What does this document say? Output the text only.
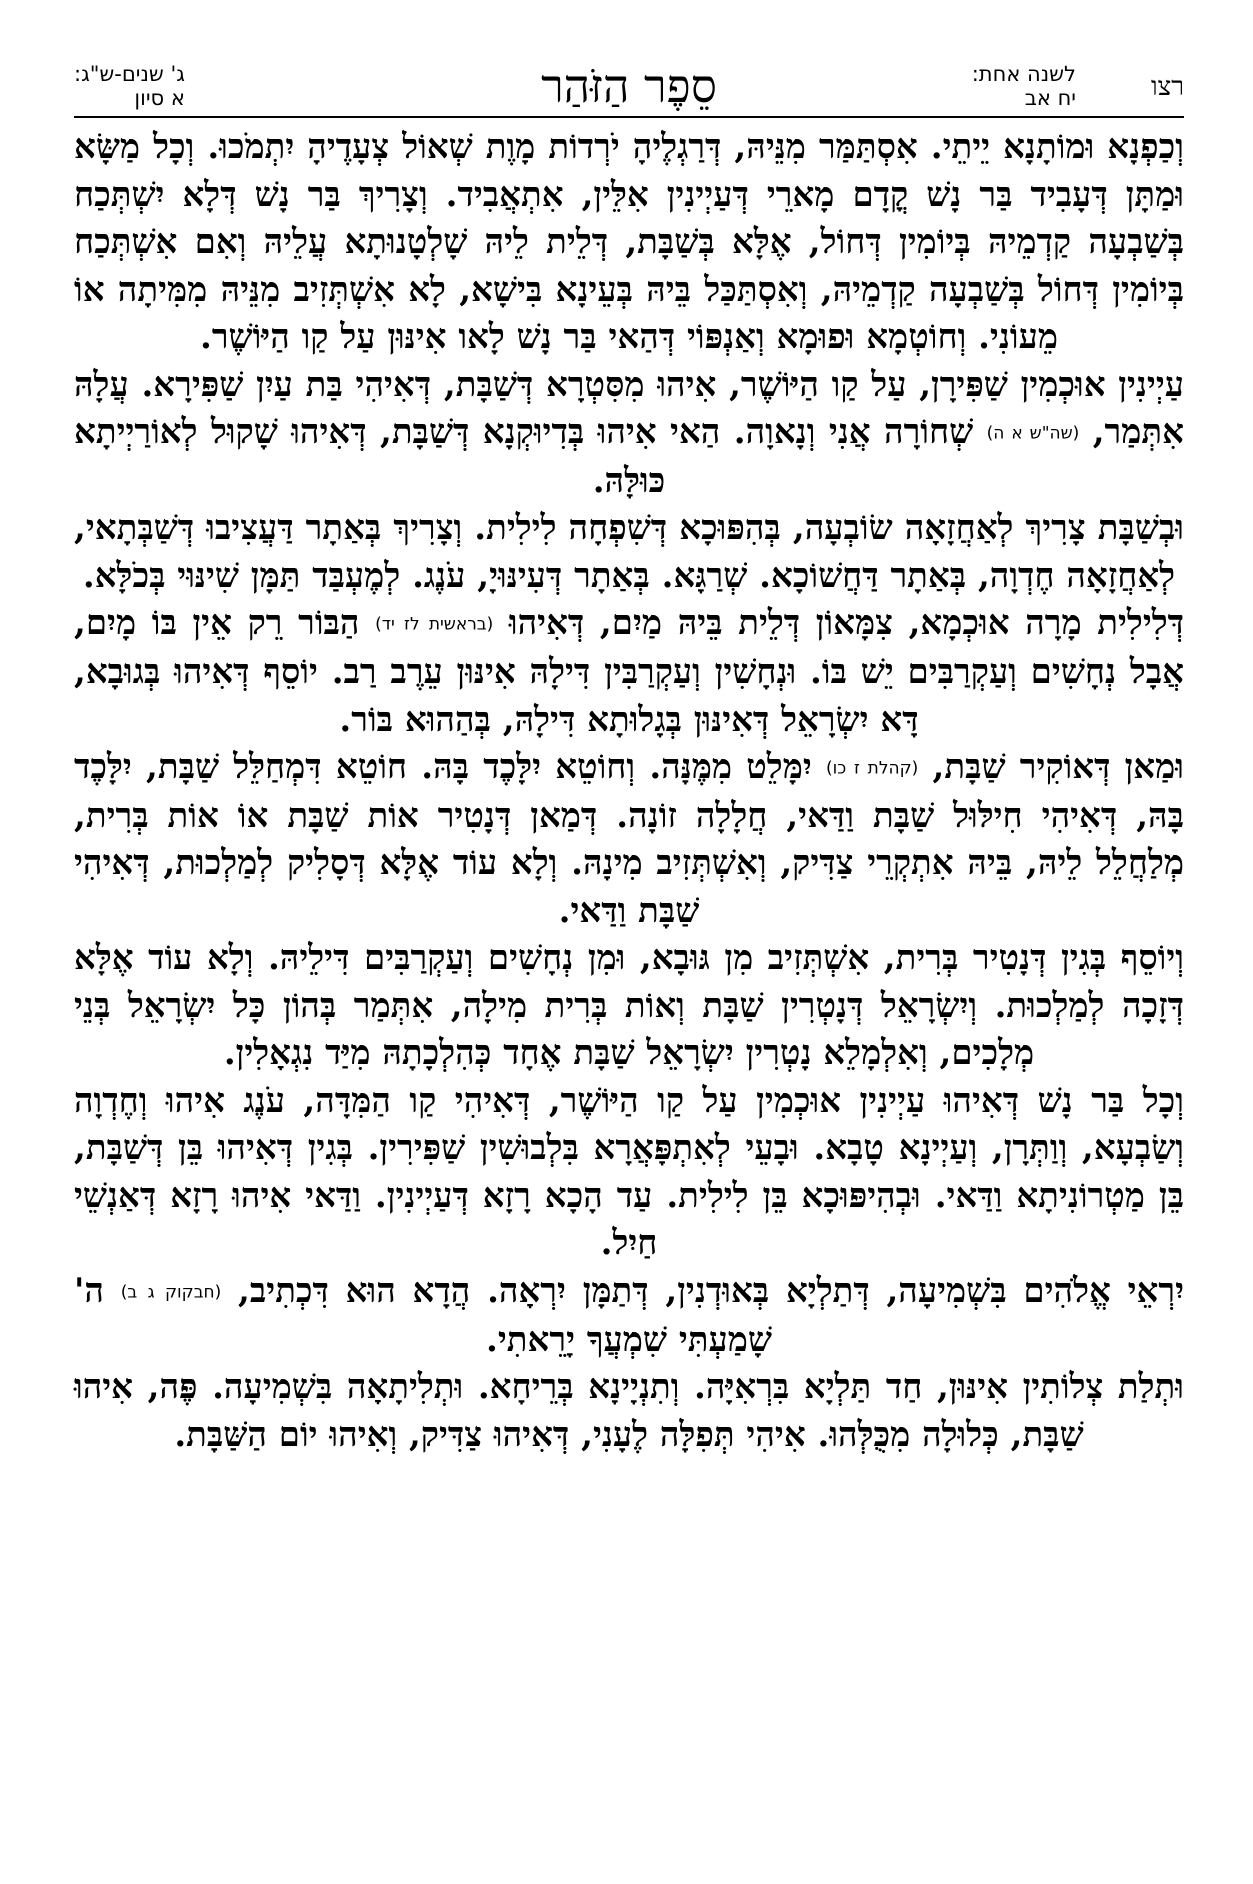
רצו
לשנה אחת:
יח אב
סֵפֶר הַזֹּהַר
ג' שנים-ש"ג:
א סיון

וְכַפְנָא וּמוֹתָנָא יֵיתֵי. אִסְתַּמַּר מִנֵּיהּ, דְּרַגְלֶיהָ יֹרְדוֹת מָוֶת שְׁאוֹל צְעָדֶיהָ יִתְמֹכוּ. וְכָל מַשָּׂא וּמַתָּן דְּעָבִיד בַּר נָשׁ קֳדָם מָארֵי דְּעַיְינִין אִלֵּין, אִתְאֲבִיד. וְצָרִיךְ בַּר נָשׁ דְּלָא יִשְׁתְּכַח בְּשַׁבְעָה קַדְמֵיהּ בְּיוֹמִין דְּחוֹל, אֶלָּא בְּשַׁבָּת, דְּלֵית לֵיהּ שָׁלְטָנוּתָא עֲלֵיהּ וְאִם אִשְׁתְּכַח בְּיוֹמִין דְּחוֹל בְּשַׁבְעָה קַדְמֵיהּ, וְאִסְתַּכַּל בֵּיהּ בְּעֵינָא בִּישָׁא, לָא אִשְׁתְּזִיב מִנֵּיהּ מִמִּיתָה אוֹ מֵעוֹנִי. וְחוֹטְמָא וּפוּמָא וְאַנְפּוֹי דְּהַאי בַּר נָשׁ לָאו אִינּוּן עַל קַו הַיּוֹשֶׁר.

עַיְינִין אוּכְמִין שַׁפִּירָן, עַל קַו הַיּוֹשֶׁר, אִיהוּ מִסִּטְרָא דְּשַׁבָּת, דְּאִיהִי בַּת עַיִן שַׁפִּירָא. עֲלָהּ אִתְּמַר, (שה"ש א ה) שְׁחוֹרָה אֲנִי וְנָאוָה. הַאי אִיהוּ בְּדִיוּקְנָא דְּשַׁבָּת, דְּאִיהוּ שָׁקוּל לְאוֹרַיְיתָא כּוּלָּהּ.

וּבְשַׁבָּת צָרִיךְ לְאַחֲזָאָה שׂוֹבְעָה, בְּהִפּוּכָא דְּשִׁפְחָה לִילִית. וְצָרִיךְ בְּאַתָר דַּעֲצִיבוּ דְּשַׁבְּתָאי, לְאַחֲזָאָה חֶדְוָה, בְּאַתָר דַּחֲשׁוֹכָא. שְׁרַגָּא. בְּאַתָר דְּעִינּוּיָ, עֹנֶג. לְמֶעְבַּד תַּמָּן שִׁינּוּי בְּכֹלָּא.

דְּלִילִית מָרָה אוּכְמָא, צִמָּאוֹן דְּלֵית בֵּיהּ מַיִם, דְּאִיהוּ (בראשית לז יד) הַבּוֹר רֵק אֵין בּוֹ מָיִם, אֲבָל נְחָשִׁים וְעַקְרַבִּים יֵשׁ בּוֹ. וּנְחָשִׁין וְעַקְרַבִּין דִּילָהּ אִינּוּן עֵרֶב רַב. יוֹסֵף דְּאִיהוּ בְּגוּבָא, דָּא יִשְׂרָאֵל דְּאִינּוּן בְּגָלוּתָא דִּילָהּ, בְּהַהוּא בּוֹר.

וּמַאן דְּאוֹקִיר שַׁבָּת, (קהלת ז כו) יִמָּלֵט מִמֶּנָּה. וְחוֹטֵא יִלָּכֶד בָּהּ. חוֹטֵא דִּמְחַלֵּל שַׁבָּת, יִלָּכֶד בָּהּ, דְּאִיהִי חִילּוּל שַׁבָּת וַדַּאי, חֲלָלָה זוֹנָה. דְּמַאן דְּנָטִיר אוֹת שַׁבָּת אוֹ אוֹת בְּרִית, מְלַחֲלֵל לֵיהּ, בֵּיהּ אִתְקְרֵי צַדִּיק, וְאִשְׁתְּזִיב מִינָהּ. וְלָא עוֹד אֶלָּא דְּסָלִיק לְמַלְכוּת, דְּאִיהִי שַׁבָּת וַדַּאי.

וְיוֹסֵף בְּגִין דְּנָטִיר בְּרִית, אִשְׁתְּזִיב מִן גּוּבָא, וּמִן נְחָשִׁים וְעַקְרַבִּים דִּילֵיהּ. וְלָא עוֹד אֶלָּא דְּזָכָה לְמַלְכוּת. וְיִשְׂרָאֵל דְּנָטְרִין שַׁבָּת וְאוֹת בְּרִית מִילָה, אִתְּמַר בְּהוֹן כָּל יִשְׂרָאֵל בְּנֵי מְלָכִים, וְאִלְמָלֵא נָטְרִין יִשְׂרָאֵל שַׁבָּת אֶחָד כְּהִלְכָתָהּ מִיַּד נִגְאָלִין.

וְכָל בַּר נָשׁ דְּאִיהוּ עַיְינִין אוּכְמִין עַל קַו הַיּוֹשֶׁר, דְּאִיהִי קַו הַמִּדָּה, עֹנֶג אִיהוּ וְחֶדְוָה וְשַׂבְעָא, וְוַתְּרָן, וְעַיְינָא טָבָא. וּבָעֵי לְאִתְפָּאֲרָא בִּלְבוּשִׁין שַׁפִּירִין. בְּגִין דְּאִיהוּ בֵּן דְּשַׁבָּת, בֵּן מַטְרוֹנִיתָא וַדַּאי. וּבְהִיפּוּכָא בֵּן לִילִית. עַד הָכָא רָזָא דְּעַיְינִין. וַדַּאי אִיהוּ רָזָא דְּאַנְשֵׁי חַיִל.

יִרְאֵי אֱלֹהִים בִּשְׁמִיעָה, דְּתַלְיָא בְּאוּדְנִין, דְּתַמָּן יִרְאָה. הֲדָא הוּא דִּכְתִיב, (חבקוק ג ב) ה' שָׁמַעְתִּי שִׁמְעֲךָ יָרֵאתִי.

וּתְלַת צְלוֹתִין אִינּוּן, חַד תַּלְיָא בִּרְאִיָּה. וְתִנְיָינָא בְּרֵיחָא. וּתְלִיתָאָה בִּשְׁמִיעָה. פֶּה, אִיהוּ שַׁבָּת, כְּלוּלָה מִכֻּלְּהוּ. אִיהִי תְּפִלָּה לֶעָנִי, דְּאִיהוּ צַדִּיק, וְאִיהוּ יוֹם הַשַּׁבָּת.
